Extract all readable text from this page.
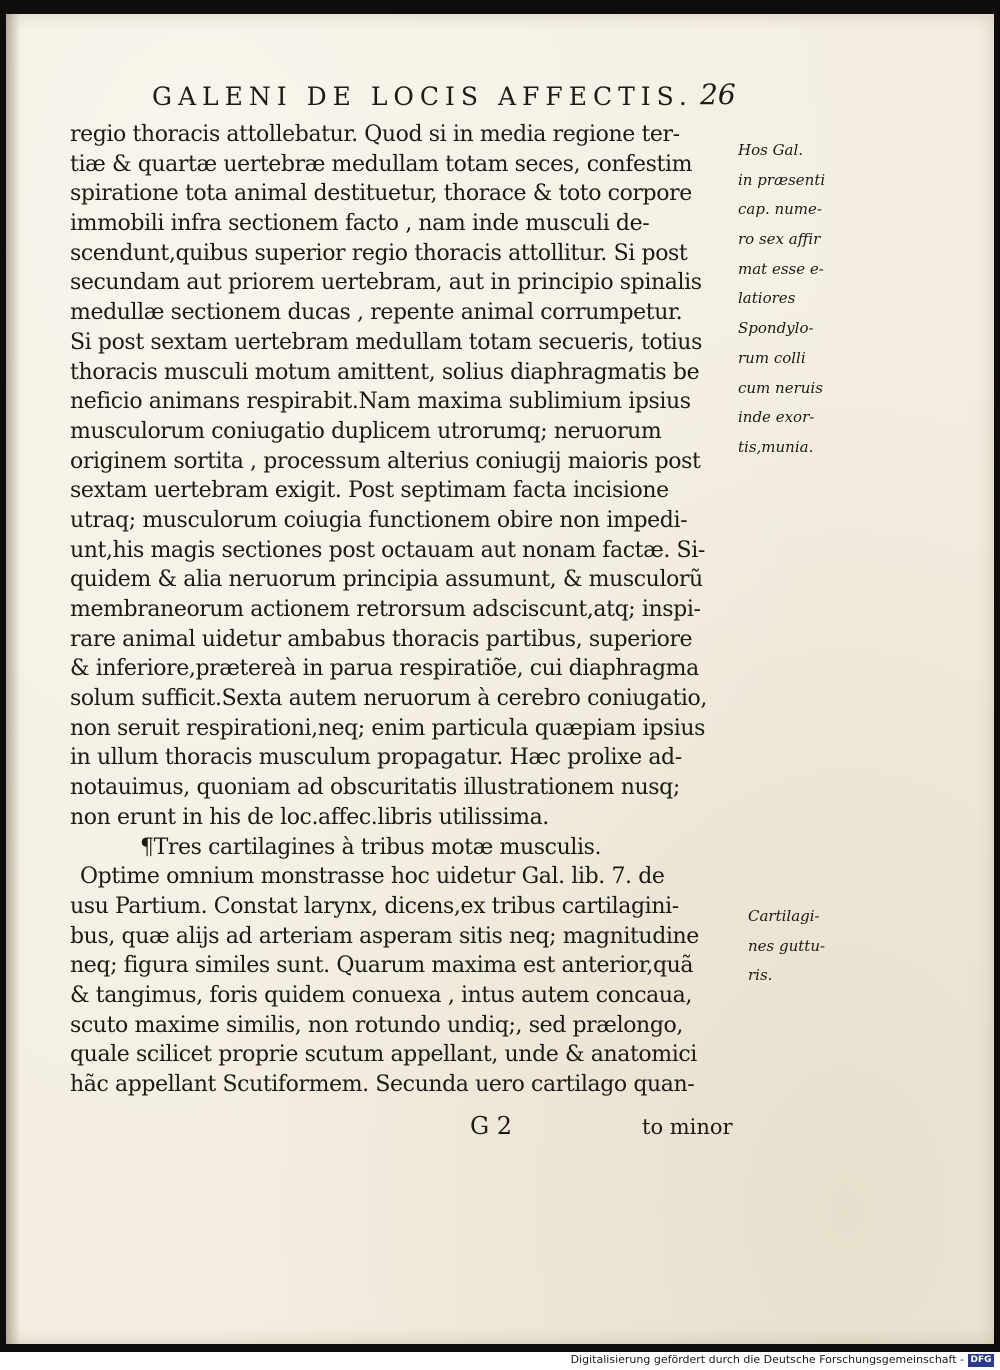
GALENI DE LOCIS AFFECTIS. 26
regio thoracis attollebatur. Quod si in media regione ter-
tiæ & quartæ uertebræ medullam totam seces, confestim
spiratione tota animal destituetur, thorace & toto corpore
immobili infra sectionem facto , nam inde musculi de-
scendunt,quibus superior regio thoracis attollitur. Si post
secundam aut priorem uertebram, aut in principio spinalis
medullæ sectionem ducas , repente animal corrumpetur.
Si post sextam uertebram medullam totam secueris, totius
thoracis musculi motum amittent, solius diaphragmatis be
neficio animans respirabit.Nam maxima sublimium ipsius
musculorum coniugatio duplicem utrorumq; neruorum
originem sortita , processum alterius coniugij maioris post
sextam uertebram exigit. Post septimam facta incisione
utraq; musculorum coiugia functionem obire non impedi-
unt,his magis sectiones post octauam aut nonam factæ. Si-
quidem & alia neruorum principia assumunt, & musculorũ
membraneorum actionem retrorsum adsciscunt,atq; inspi-
rare animal uidetur ambabus thoracis partibus, superiore
& inferiore,prætereà in parua respiratiõe, cui diaphragma
solum sufficit.Sexta autem neruorum à cerebro coniugatio,
non seruit respirationi,neq; enim particula quæpiam ipsius
in ullum thoracis musculum propagatur. Hæc prolixe ad-
notauimus, quoniam ad obscuritatis illustrationem nusq;
non erunt in his de loc.affec.libris utilissima.
¶Tres cartilagines à tribus motæ musculis.
Optime omnium monstrasse hoc uidetur Gal. lib. 7. de
usu Partium. Constat larynx, dicens,ex tribus cartilagini-
bus, quæ alijs ad arteriam asperam sitis neq; magnitudine
neq; figura similes sunt. Quarum maxima est anterior,quã
& tangimus, foris quidem conuexa , intus autem concaua,
scuto maxime similis, non rotundo undiq;, sed prælongo,
quale scilicet proprie scutum appellant, unde & anatomici
hãc appellant Scutiformem. Secunda uero cartilago quan-
Hos Gal.
in præsenti
cap. nume-
ro sex affir
mat esse e-
latiores
Spondylo-
rum colli
cum neruis
inde exor-
tis,munia.
Cartilagi-
nes guttu-
ris.
G 2	to minor
Digitalisierung gefördert durch die Deutsche Forschungsgemeinschaft - DFG
